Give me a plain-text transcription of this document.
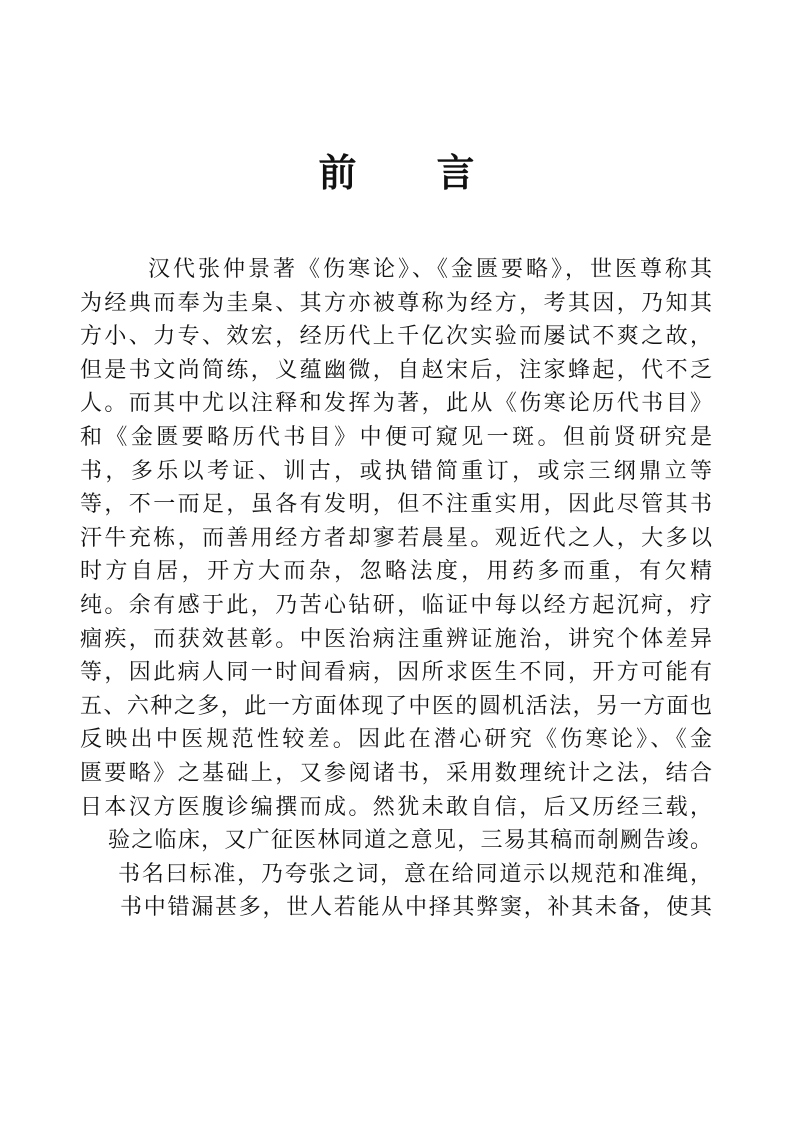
前 言
汉代张仲景著《伤寒论》、《金匮要略》，世医尊称其
为经典而奉为圭臬、其方亦被尊称为经方，考其因，乃知其
方小、力专、效宏，经历代上千亿次实验而屡试不爽之故，
但是书文尚简练，义蕴幽微，自赵宋后，注家蜂起，代不乏
人。而其中尤以注释和发挥为著，此从《伤寒论历代书目》
和《金匮要略历代书目》中便可窥见一斑。但前贤研究是
书，多乐以考证、训古，或执错简重订，或宗三纲鼎立等
等，不一而足，虽各有发明，但不注重实用，因此尽管其书
汗牛充栋，而善用经方者却寥若晨星。观近代之人，大多以
时方自居，开方大而杂，忽略法度，用药多而重，有欠精
纯。余有感于此，乃苦心钻研，临证中每以经方起沉疴，疗
痼疾，而获效甚彰。中医治病注重辨证施治，讲究个体差异
等，因此病人同一时间看病，因所求医生不同，开方可能有
五、六种之多，此一方面体现了中医的圆机活法，另一方面也
反映出中医规范性较差。因此在潜心研究《伤寒论》、《金
匮要略》之基础上，又参阅诸书，采用数理统计之法，结合
日本汉方医腹诊编撰而成。然犹未敢自信，后又历经三载，
验之临床，又广征医林同道之意见，三易其稿而剞劂告竣。
书名曰标准，乃夸张之词，意在给同道示以规范和准绳，
书中错漏甚多，世人若能从中择其弊窦，补其未备，使其
